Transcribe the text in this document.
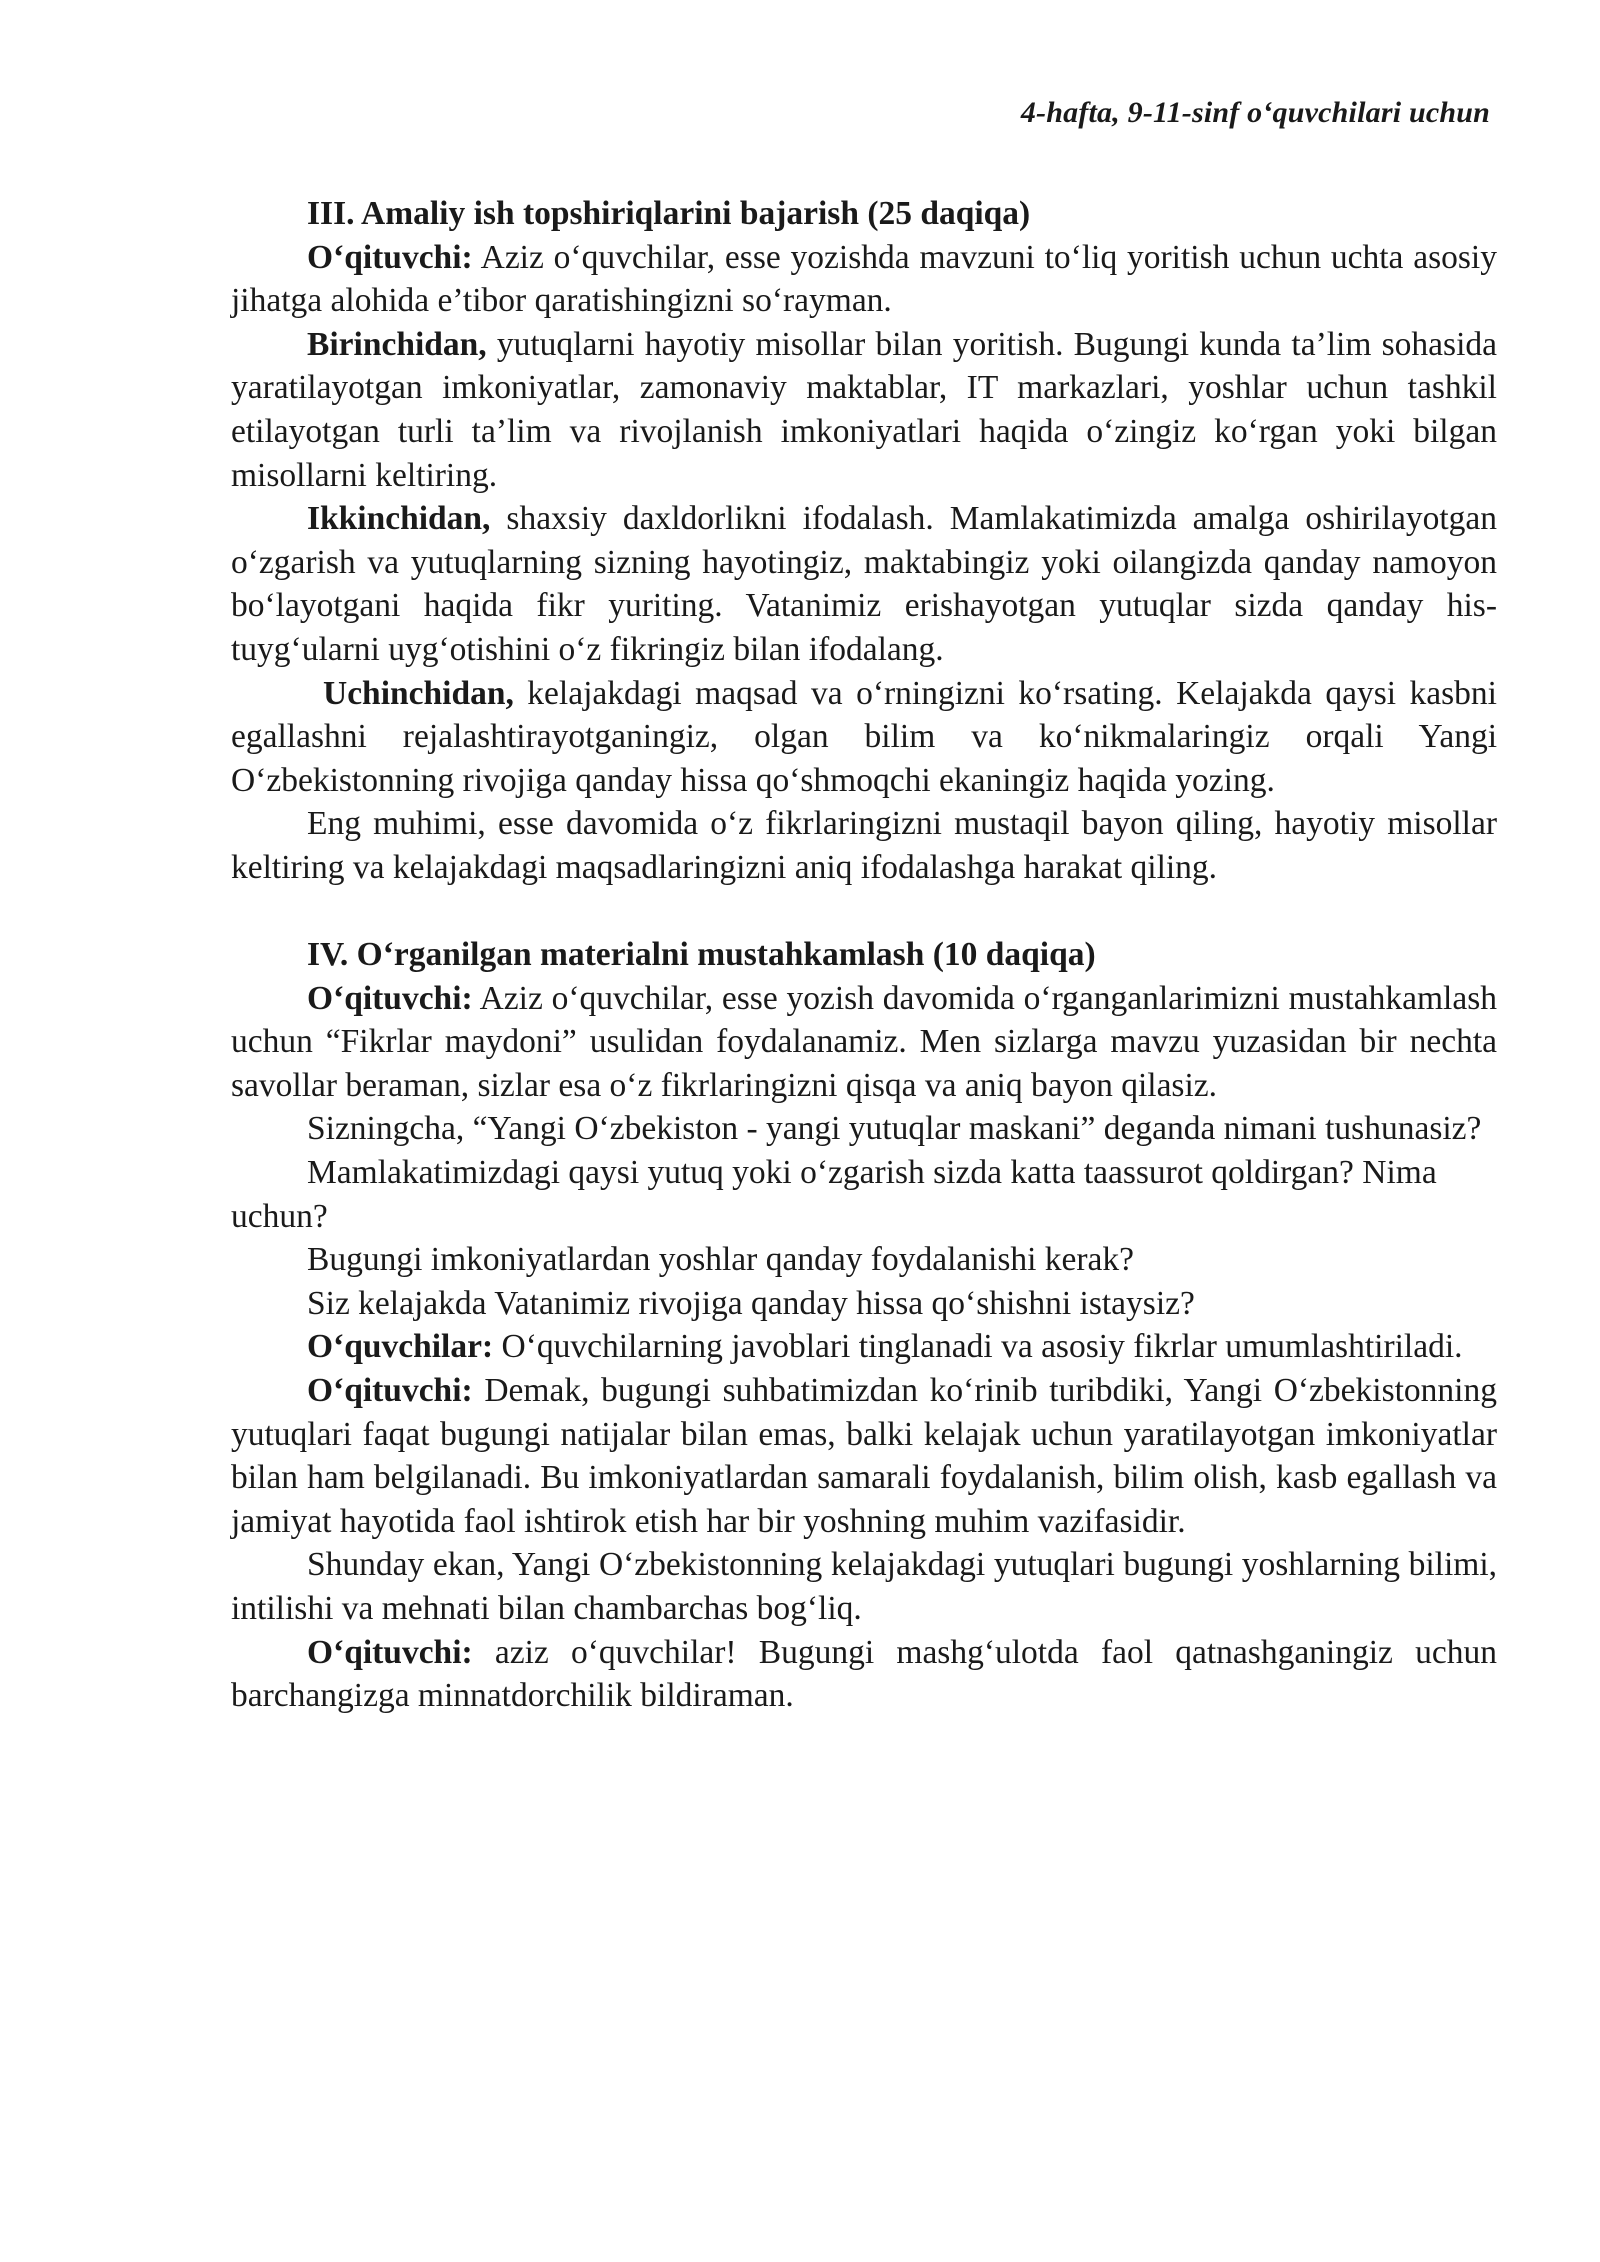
4-hafta, 9-11-sinf o‘quvchilari uchun

III. Amaliy ish topshiriqlarini bajarish (25 daqiqa)

O‘qituvchi: Aziz o‘quvchilar, esse yozishda mavzuni to‘liq yoritish uchun uchta asosiy jihatga alohida e’tibor qaratishingizni so‘rayman.

Birinchidan, yutuqlarni hayotiy misollar bilan yoritish. Bugungi kunda ta’lim sohasida yaratilayotgan imkoniyatlar, zamonaviy maktablar, IT markazlari, yoshlar uchun tashkil etilayotgan turli ta’lim va rivojlanish imkoniyatlari haqida o‘zingiz ko‘rgan yoki bilgan misollarni keltiring.

Ikkinchidan, shaxsiy daxldorlikni ifodalash. Mamlakatimizda amalga oshirilayotgan o‘zgarish va yutuqlarning sizning hayotingiz, maktabingiz yoki oilangizda qanday namoyon bo‘layotgani haqida fikr yuriting. Vatanimiz erishayotgan yutuqlar sizda qanday his-tuyg‘ularni uyg‘otishini o‘z fikringiz bilan ifodalang.

Uchinchidan, kelajakdagi maqsad va o‘rningizni ko‘rsating. Kelajakda qaysi kasbni egallashni rejalashtirayotganingiz, olgan bilim va ko‘nikmalaringiz orqali Yangi O‘zbekistonning rivojiga qanday hissa qo‘shmoqchi ekaningiz haqida yozing.

Eng muhimi, esse davomida o‘z fikrlaringizni mustaqil bayon qiling, hayotiy misollar keltiring va kelajakdagi maqsadlaringizni aniq ifodalashga harakat qiling.

IV. O‘rganilgan materialni mustahkamlash (10 daqiqa)

O‘qituvchi: Aziz o‘quvchilar, esse yozish davomida o‘rganganlarimizni mustahkamlash uchun “Fikrlar maydoni” usulidan foydalanamiz. Men sizlarga mavzu yuzasidan bir nechta savollar beraman, sizlar esa o‘z fikrlaringizni qisqa va aniq bayon qilasiz.

Sizningcha, “Yangi O‘zbekiston - yangi yutuqlar maskani” deganda nimani tushunasiz?

Mamlakatimizdagi qaysi yutuq yoki o‘zgarish sizda katta taassurot qoldirgan? Nima uchun?

Bugungi imkoniyatlardan yoshlar qanday foydalanishi kerak?

Siz kelajakda Vatanimiz rivojiga qanday hissa qo‘shishni istaysiz?

O‘quvchilar: O‘quvchilarning javoblari tinglanadi va asosiy fikrlar umumlashtiriladi.

O‘qituvchi: Demak, bugungi suhbatimizdan ko‘rinib turibdiki, Yangi O‘zbekistonning yutuqlari faqat bugungi natijalar bilan emas, balki kelajak uchun yaratilayotgan imkoniyatlar bilan ham belgilanadi. Bu imkoniyatlardan samarali foydalanish, bilim olish, kasb egallash va jamiyat hayotida faol ishtirok etish har bir yoshning muhim vazifasidir.

Shunday ekan, Yangi O‘zbekistonning kelajakdagi yutuqlari bugungi yoshlarning bilimi, intilishi va mehnati bilan chambarchas bog‘liq.

O‘qituvchi: aziz o‘quvchilar! Bugungi mashg‘ulotda faol qatnashganingiz uchun barchangizga minnatdorchilik bildiraman.
